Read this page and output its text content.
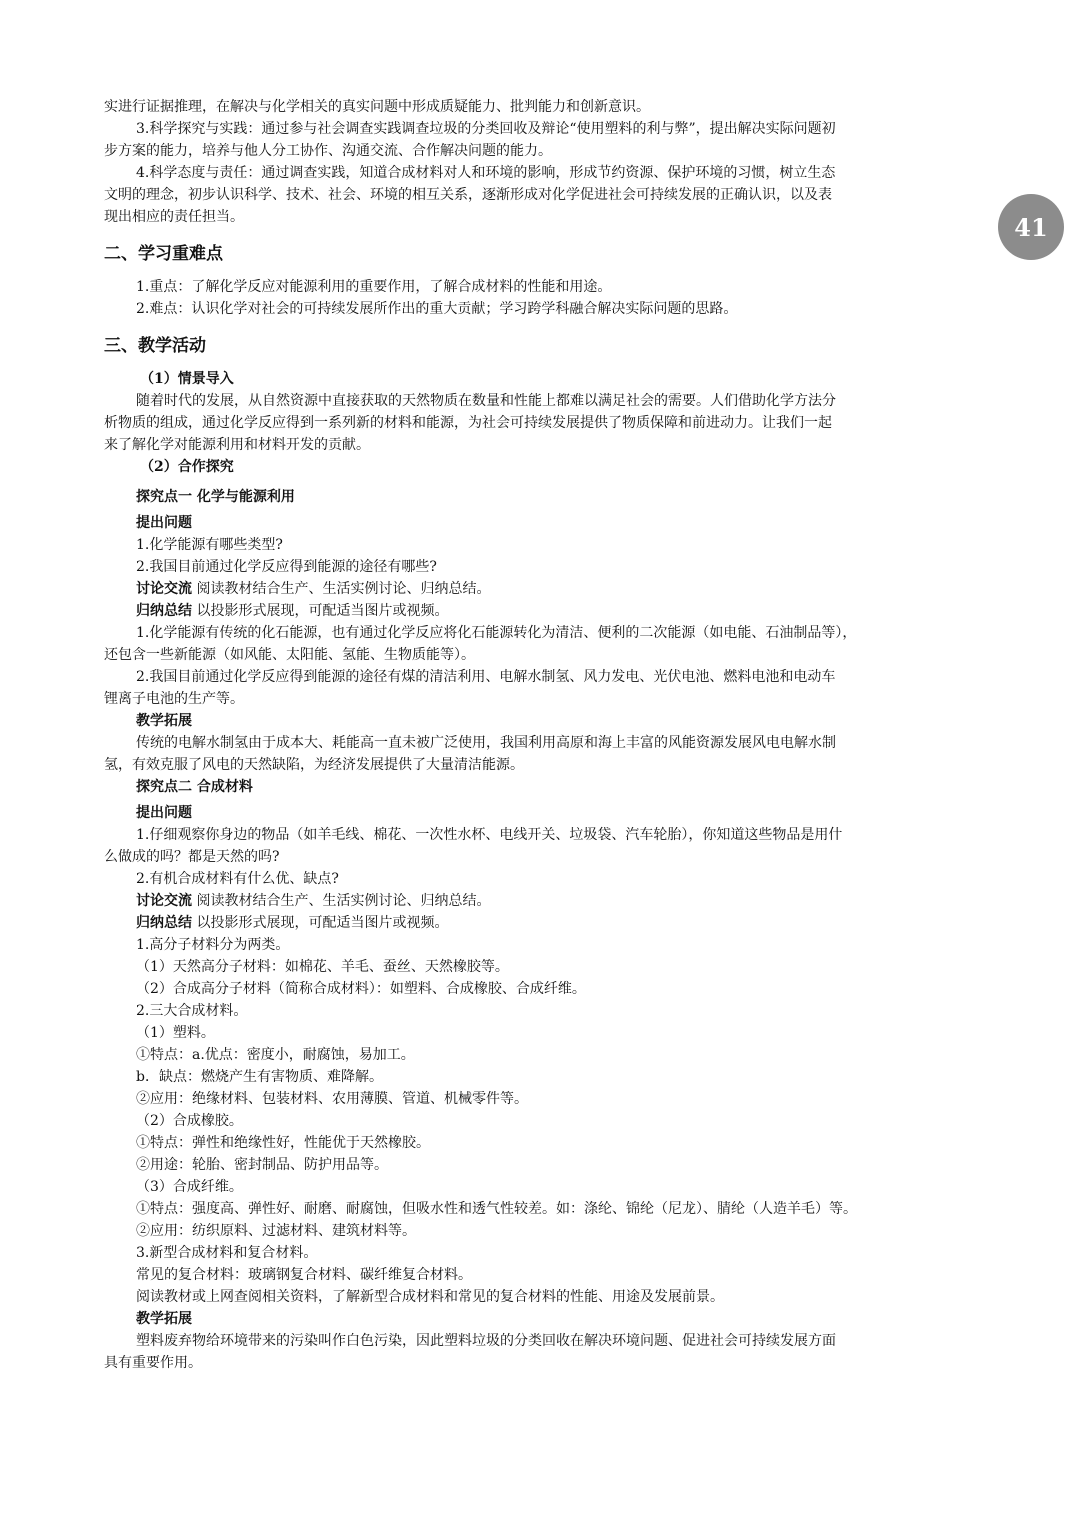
41

实进行证据推理，在解决与化学相关的真实问题中形成质疑能力、批判能力和创新意识。

3.科学探究与实践：通过参与社会调查实践调查垃圾的分类回收及辩论“使用塑料的利与弊”，提出解决实际问题初

步方案的能力，培养与他人分工协作、沟通交流、合作解决问题的能力。

4.科学态度与责任：通过调查实践，知道合成材料对人和环境的影响，形成节约资源、保护环境的习惯，树立生态

文明的理念，初步认识科学、技术、社会、环境的相互关系，逐渐形成对化学促进社会可持续发展的正确认识，以及表

现出相应的责任担当。

二、学习重难点

1.重点：了解化学反应对能源利用的重要作用，了解合成材料的性能和用途。

2.难点：认识化学对社会的可持续发展所作出的重大贡献；学习跨学科融合解决实际问题的思路。

三、教学活动

（1）情景导入

随着时代的发展，从自然资源中直接获取的天然物质在数量和性能上都难以满足社会的需要。人们借助化学方法分

析物质的组成，通过化学反应得到一系列新的材料和能源，为社会可持续发展提供了物质保障和前进动力。让我们一起

来了解化学对能源利用和材料开发的贡献。

（2）合作探究

探究点一 化学与能源利用

提出问题

1.化学能源有哪些类型?

2.我国目前通过化学反应得到能源的途径有哪些?

讨论交流 阅读教材结合生产、生活实例讨论、归纳总结。

归纳总结 以投影形式展现，可配适当图片或视频。

1.化学能源有传统的化石能源，也有通过化学反应将化石能源转化为清洁、便利的二次能源（如电能、石油制品等），

还包含一些新能源（如风能、太阳能、氢能、生物质能等）。

2.我国目前通过化学反应得到能源的途径有煤的清洁利用、电解水制氢、风力发电、光伏电池、燃料电池和电动车

锂离子电池的生产等。

教学拓展

传统的电解水制氢由于成本大、耗能高一直未被广泛使用，我国利用高原和海上丰富的风能资源发展风电电解水制

氢，有效克服了风电的天然缺陷，为经济发展提供了大量清洁能源。

探究点二 合成材料

提出问题

1.仔细观察你身边的物品（如羊毛线、棉花、一次性水杯、电线开关、垃圾袋、汽车轮胎），你知道这些物品是用什

么做成的吗？都是天然的吗?

2.有机合成材料有什么优、缺点?

讨论交流 阅读教材结合生产、生活实例讨论、归纳总结。

归纳总结 以投影形式展现，可配适当图片或视频。

1.高分子材料分为两类。

（1）天然高分子材料：如棉花、羊毛、蚕丝、天然橡胶等。

（2）合成高分子材料（简称合成材料）：如塑料、合成橡胶、合成纤维。

2.三大合成材料。

（1）塑料。

①特点：a.优点：密度小，耐腐蚀，易加工。

b．缺点：燃烧产生有害物质、难降解。

②应用：绝缘材料、包装材料、农用薄膜、管道、机械零件等。

（2）合成橡胶。

①特点：弹性和绝缘性好，性能优于天然橡胶。

②用途：轮胎、密封制品、防护用品等。

（3）合成纤维。

①特点：强度高、弹性好、耐磨、耐腐蚀，但吸水性和透气性较差。如：涤纶、锦纶（尼龙）、腈纶（人造羊毛）等。

②应用：纺织原料、过滤材料、建筑材料等。

3.新型合成材料和复合材料。

常见的复合材料：玻璃钢复合材料、碳纤维复合材料。

阅读教材或上网查阅相关资料，了解新型合成材料和常见的复合材料的性能、用途及发展前景。

教学拓展

塑料废弃物给环境带来的污染叫作白色污染，因此塑料垃圾的分类回收在解决环境问题、促进社会可持续发展方面

具有重要作用。
